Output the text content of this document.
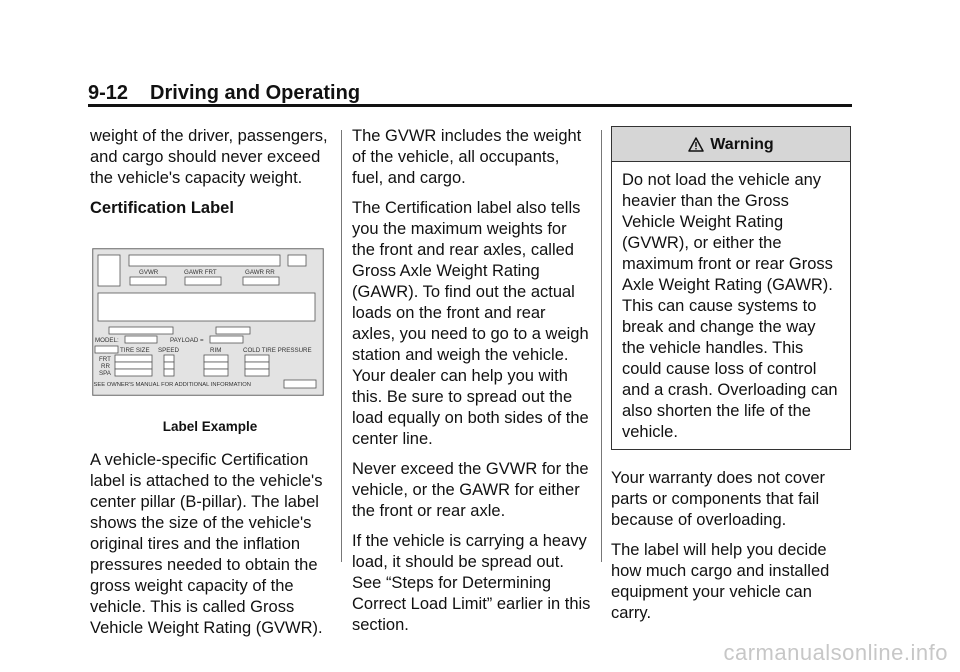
9-12 Driving and Operating

weight of the driver, passengers, and cargo should never exceed the vehicle's capacity weight.

Certification Label

GVWR	GAWR FRT	GAWR RR
MODEL:	PAYLOAD =
TIRE SIZE SPEED	RIM	COLD TIRE PRESSURE
FRT
RR
SPA
SEE OWNER'S MANUAL FOR ADDITIONAL INFORMATION
Label Example

A vehicle-specific Certification label is attached to the vehicle's center pillar (B-pillar). The label shows the size of the vehicle's original tires and the inflation pressures needed to obtain the gross weight capacity of the vehicle. This is called Gross Vehicle Weight Rating (GVWR).

The GVWR includes the weight of the vehicle, all occupants, fuel, and cargo.

The Certification label also tells you the maximum weights for the front and rear axles, called Gross Axle Weight Rating (GAWR). To find out the actual loads on the front and rear axles, you need to go to a weigh station and weigh the vehicle. Your dealer can help you with this. Be sure to spread out the load equally on both sides of the center line.

Never exceed the GVWR for the vehicle, or the GAWR for either the front or rear axle.

If the vehicle is carrying a heavy load, it should be spread out. See “Steps for Determining Correct Load Limit” earlier in this section.

Warning
Do not load the vehicle any heavier than the Gross Vehicle Weight Rating (GVWR), or either the maximum front or rear Gross Axle Weight Rating (GAWR). This can cause systems to break and change the way the vehicle handles. This could cause loss of control and a crash. Overloading can also shorten the life of the vehicle.

Your warranty does not cover parts or components that fail because of overloading.

The label will help you decide how much cargo and installed equipment your vehicle can carry.

carmanualsonline.info
